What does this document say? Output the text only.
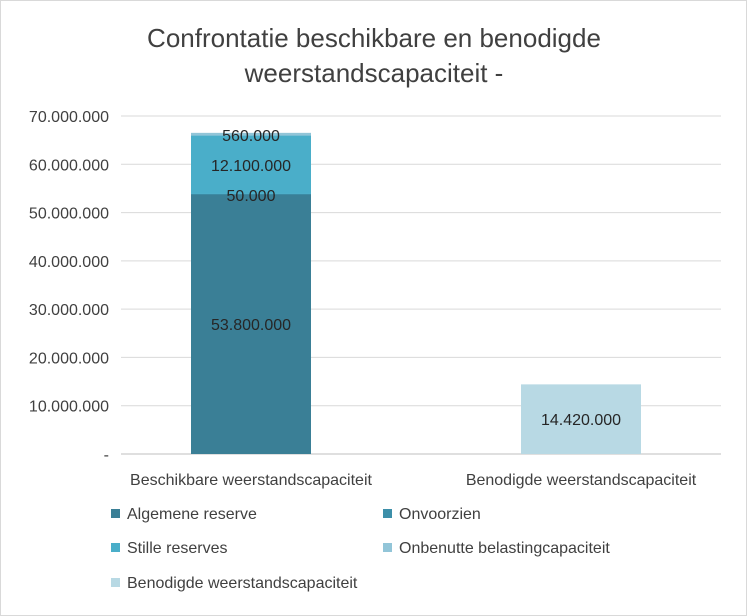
Confrontatie beschikbare en benodigde
weerstandscapaciteit -
-
10.000.000
20.000.000
30.000.000
40.000.000
50.000.000
60.000.000
70.000.000
53.800.000
50.000
12.100.000
560.000
14.420.000
Beschikbare weerstandscapaciteit	Benodigde weerstandscapaciteit
Algemene reserve	Onvoorzien
Stille reserves	Onbenutte belastingcapaciteit
Benodigde weerstandscapaciteit
